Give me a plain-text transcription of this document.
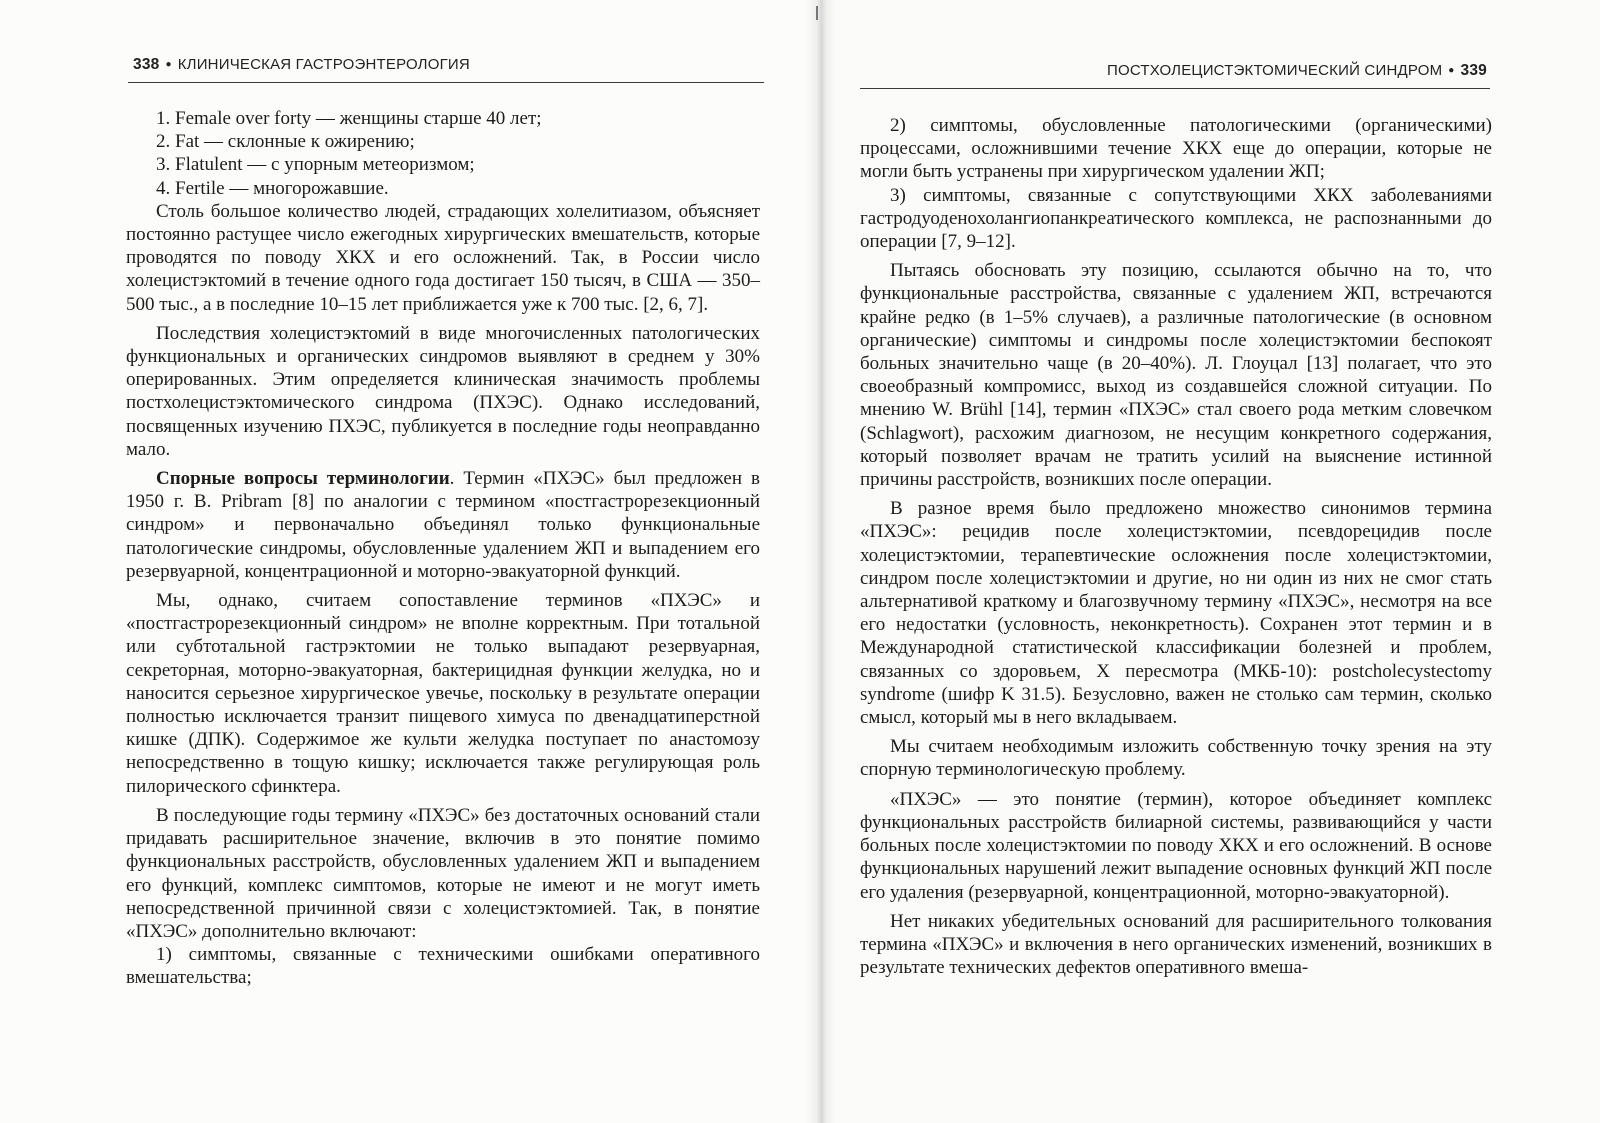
338 ● КЛИНИЧЕСКАЯ ГАСТРОЭНТЕРОЛОГИЯ

1. Female over forty — женщины старше 40 лет;

2. Fat — склонные к ожирению;

3. Flatulent — с упорным метеоризмом;

4. Fertile — многорожавшие.

Столь большое количество людей, страдающих холелитиазом, объясняет постоянно растущее число ежегодных хирургических вмешательств, которые проводятся по поводу ХКХ и его осложнений. Так, в России число холецистэктомий в течение одного года достигает 150 тысяч, в США — 350–500 тыс., а в последние 10–15 лет приближается уже к 700 тыс. [2, 6, 7].

Последствия холецистэктомий в виде многочисленных патологических функциональных и органических синдромов выявляют в среднем у 30% оперированных. Этим определяется клиническая значимость проблемы постхолецистэктомического синдрома (ПХЭС). Однако исследований, посвященных изучению ПХЭС, публикуется в последние годы неоправданно мало.

Спорные вопросы терминологии. Термин «ПХЭС» был предложен в 1950 г. B. Pribram [8] по аналогии с термином «постгастрорезекционный синдром» и первоначально объединял только функциональные патологические синдромы, обусловленные удалением ЖП и выпадением его резервуарной, концентрационной и моторно-эвакуаторной функций.

Мы, однако, считаем сопоставление терминов «ПХЭС» и «постгастрорезекционный синдром» не вполне корректным. При тотальной или субтотальной гастрэктомии не только выпадают резервуарная, секреторная, моторно-эвакуаторная, бактерицидная функции желудка, но и наносится серьезное хирургическое увечье, поскольку в результате операции полностью исключается транзит пищевого химуса по двенадцатиперстной кишке (ДПК). Содержимое же культи желудка поступает по анастомозу непосредственно в тощую кишку; исключается также регулирующая роль пилорического сфинктера.

В последующие годы термину «ПХЭС» без достаточных оснований стали придавать расширительное значение, включив в это понятие помимо функциональных расстройств, обусловленных удалением ЖП и выпадением его функций, комплекс симптомов, которые не имеют и не могут иметь непосредственной причинной связи с холецистэктомией. Так, в понятие «ПХЭС» дополнительно включают:

1) симптомы, связанные с техническими ошибками оперативного вмешательства;

ПОСТХОЛЕЦИСТЭКТОМИЧЕСКИЙ СИНДРОМ ● 339

2) симптомы, обусловленные патологическими (органическими) процессами, осложнившими течение ХКХ еще до операции, которые не могли быть устранены при хирургическом удалении ЖП;

3) симптомы, связанные с сопутствующими ХКХ заболеваниями гастродуоденохолангиопанкреатического комплекса, не распознанными до операции [7, 9–12].

Пытаясь обосновать эту позицию, ссылаются обычно на то, что функциональные расстройства, связанные с удалением ЖП, встречаются крайне редко (в 1–5% случаев), а различные патологические (в основном органические) симптомы и синдромы после холецистэктомии беспокоят больных значительно чаще (в 20–40%). Л. Глоуцал [13] полагает, что это своеобразный компромисс, выход из создавшейся сложной ситуации. По мнению W. Brühl [14], термин «ПХЭС» стал своего рода метким словечком (Schlagwort), расхожим диагнозом, не несущим конкретного содержания, который позволяет врачам не тратить усилий на выяснение истинной причины расстройств, возникших после операции.

В разное время было предложено множество синонимов термина «ПХЭС»: рецидив после холецистэктомии, псевдорецидив после холецистэктомии, терапевтические осложнения после холецистэктомии, синдром после холецистэктомии и другие, но ни один из них не смог стать альтернативой краткому и благозвучному термину «ПХЭС», несмотря на все его недостатки (условность, неконкретность). Сохранен этот термин и в Международной статистической классификации болезней и проблем, связанных со здоровьем, X пересмотра (МКБ-10): postcholecystectomy syndrome (шифр K 31.5). Безусловно, важен не столько сам термин, сколько смысл, который мы в него вкладываем.

Мы считаем необходимым изложить собственную точку зрения на эту спорную терминологическую проблему.

«ПХЭС» — это понятие (термин), которое объединяет комплекс функциональных расстройств билиарной системы, развивающийся у части больных после холецистэктомии по поводу ХКХ и его осложнений. В основе функциональных нарушений лежит выпадение основных функций ЖП после его удаления (резервуарной, концентрационной, моторно-эвакуаторной).

Нет никаких убедительных оснований для расширительного толкования термина «ПХЭС» и включения в него органических изменений, возникших в результате технических дефектов оперативного вмеша-
